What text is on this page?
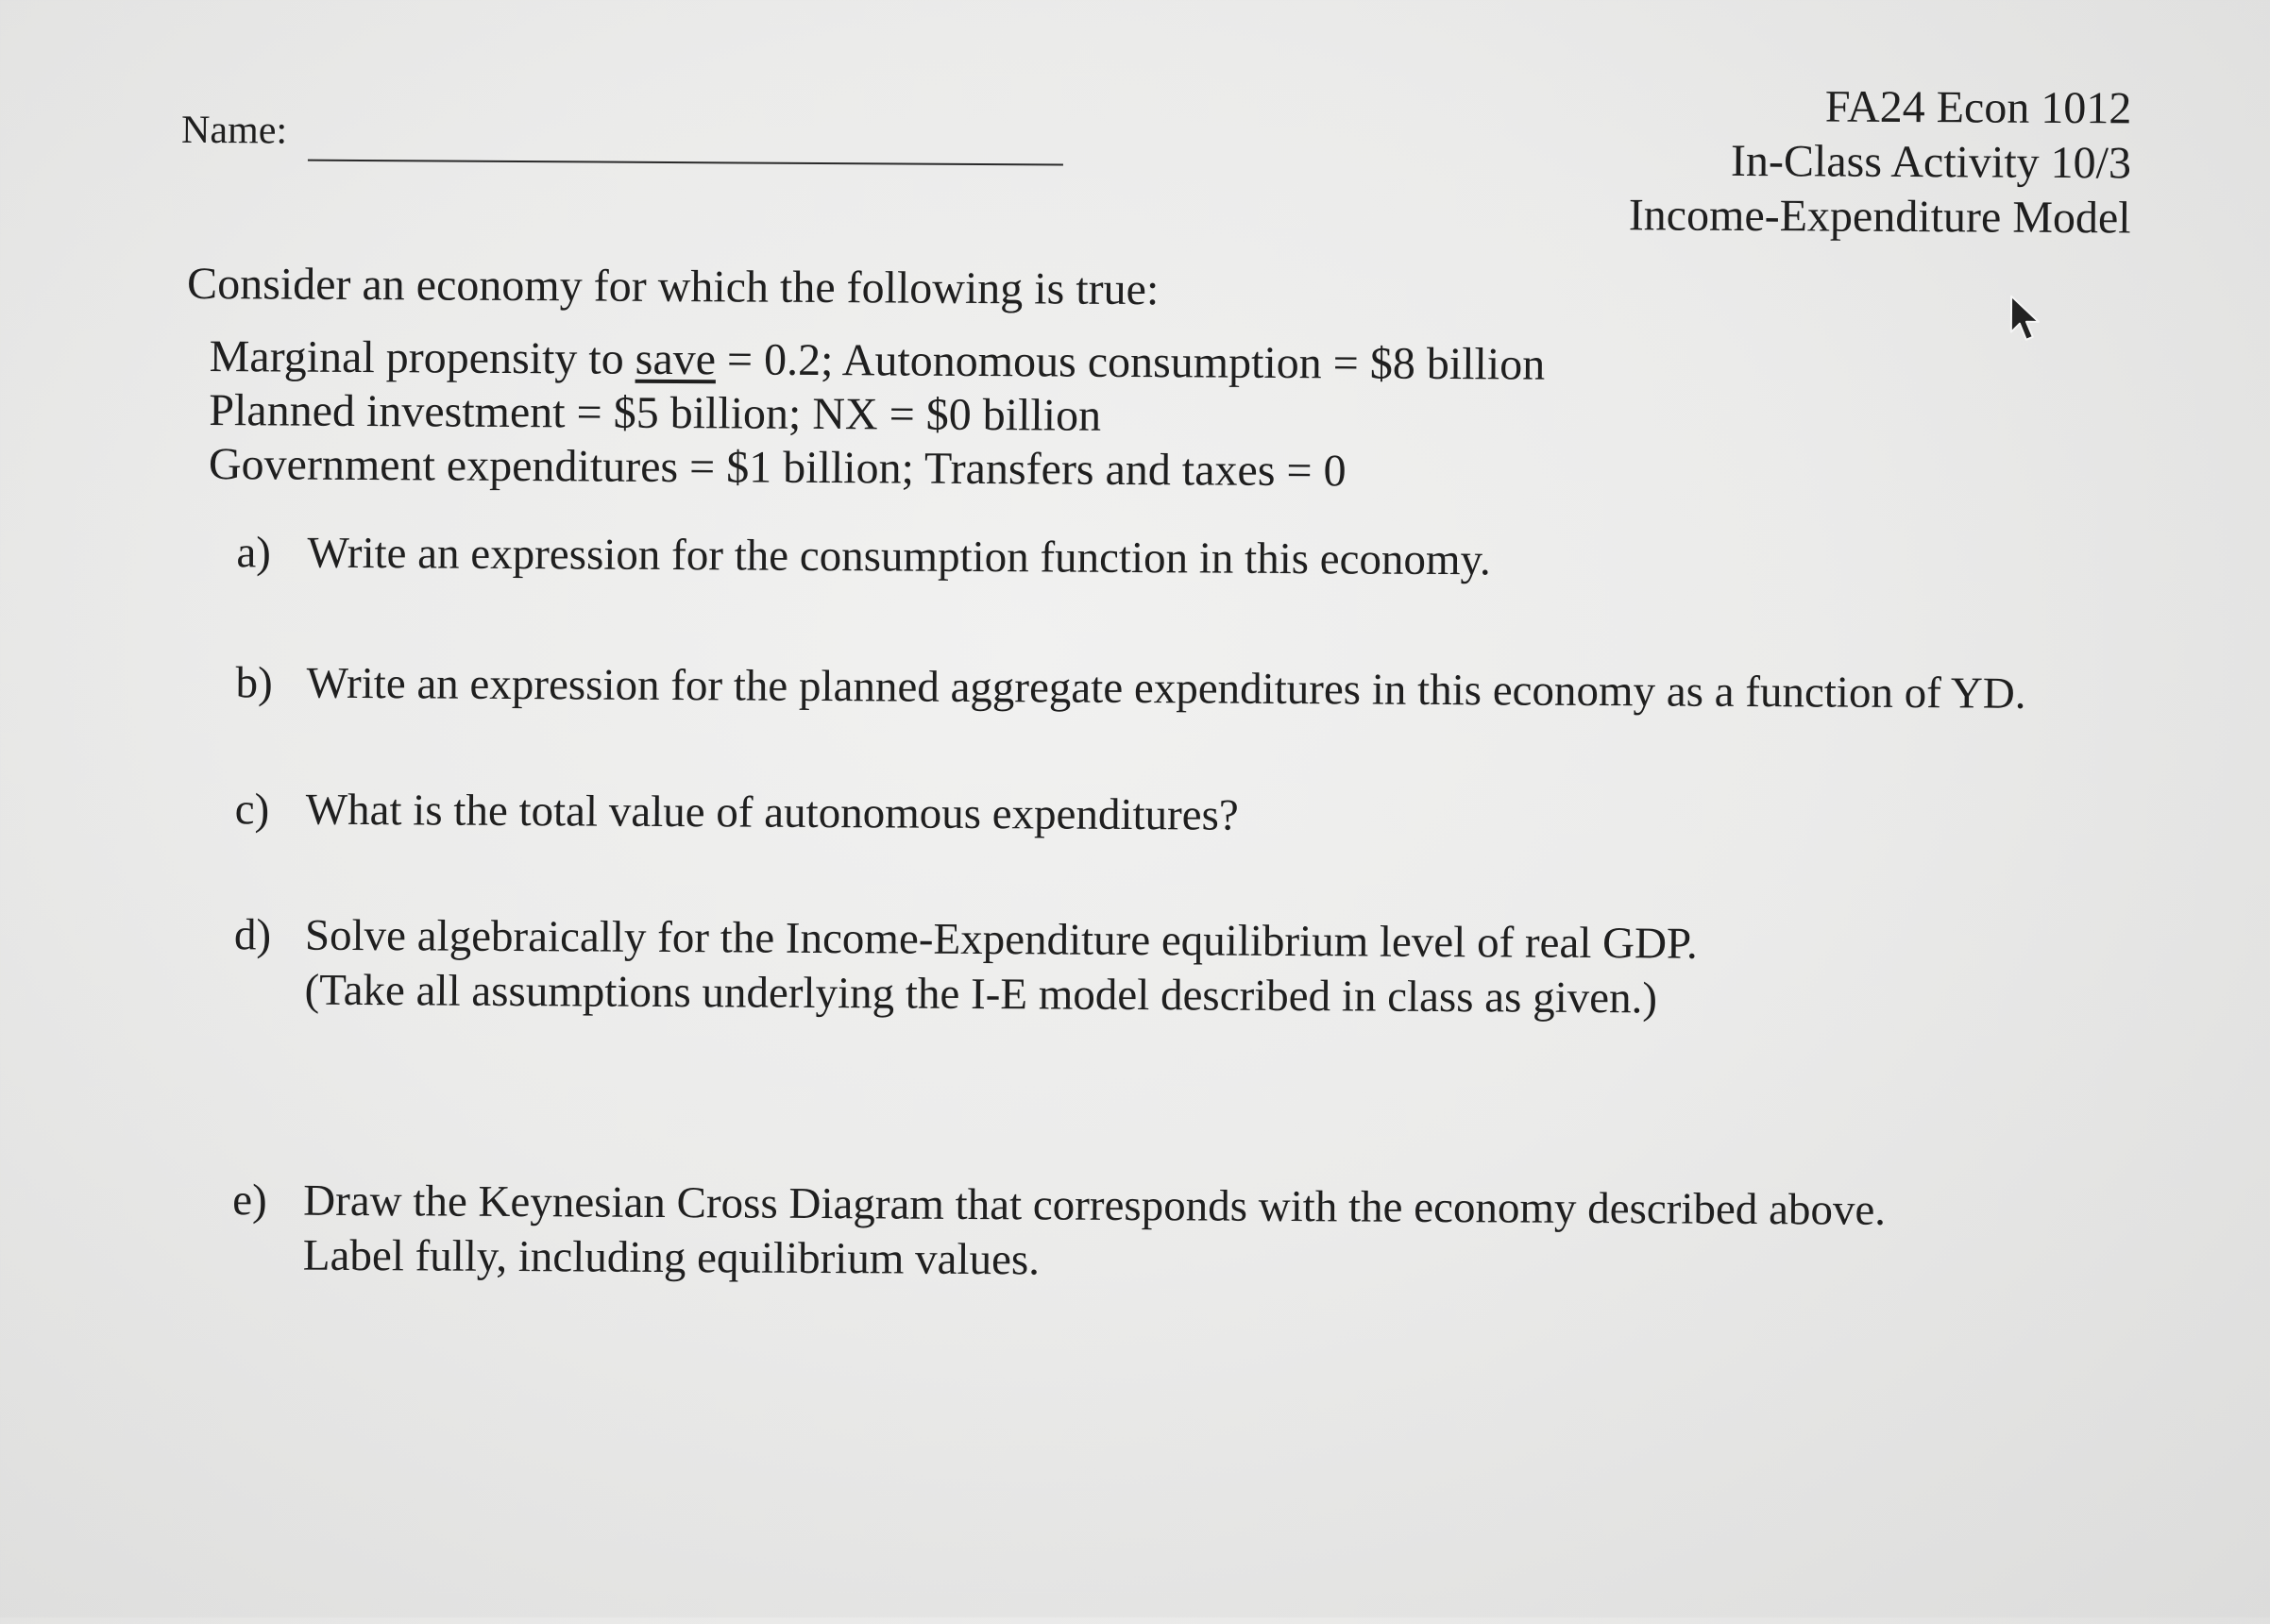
Name:	FA24 Econ 1012
In-Class Activity 10/3
Income-Expenditure Model
Consider an economy for which the following is true:
Marginal propensity to save = 0.2; Autonomous consumption = $8 billion
Planned investment = $5 billion; NX = $0 billion
Government expenditures = $1 billion; Transfers and taxes = 0
a) Write an expression for the consumption function in this economy.
b) Write an expression for the planned aggregate expenditures in this economy as a function of YD.
c) What is the total value of autonomous expenditures?
d) Solve algebraically for the Income-Expenditure equilibrium level of real GDP.
(Take all assumptions underlying the I-E model described in class as given.)
e) Draw the Keynesian Cross Diagram that corresponds with the economy described above.
Label fully, including equilibrium values.
